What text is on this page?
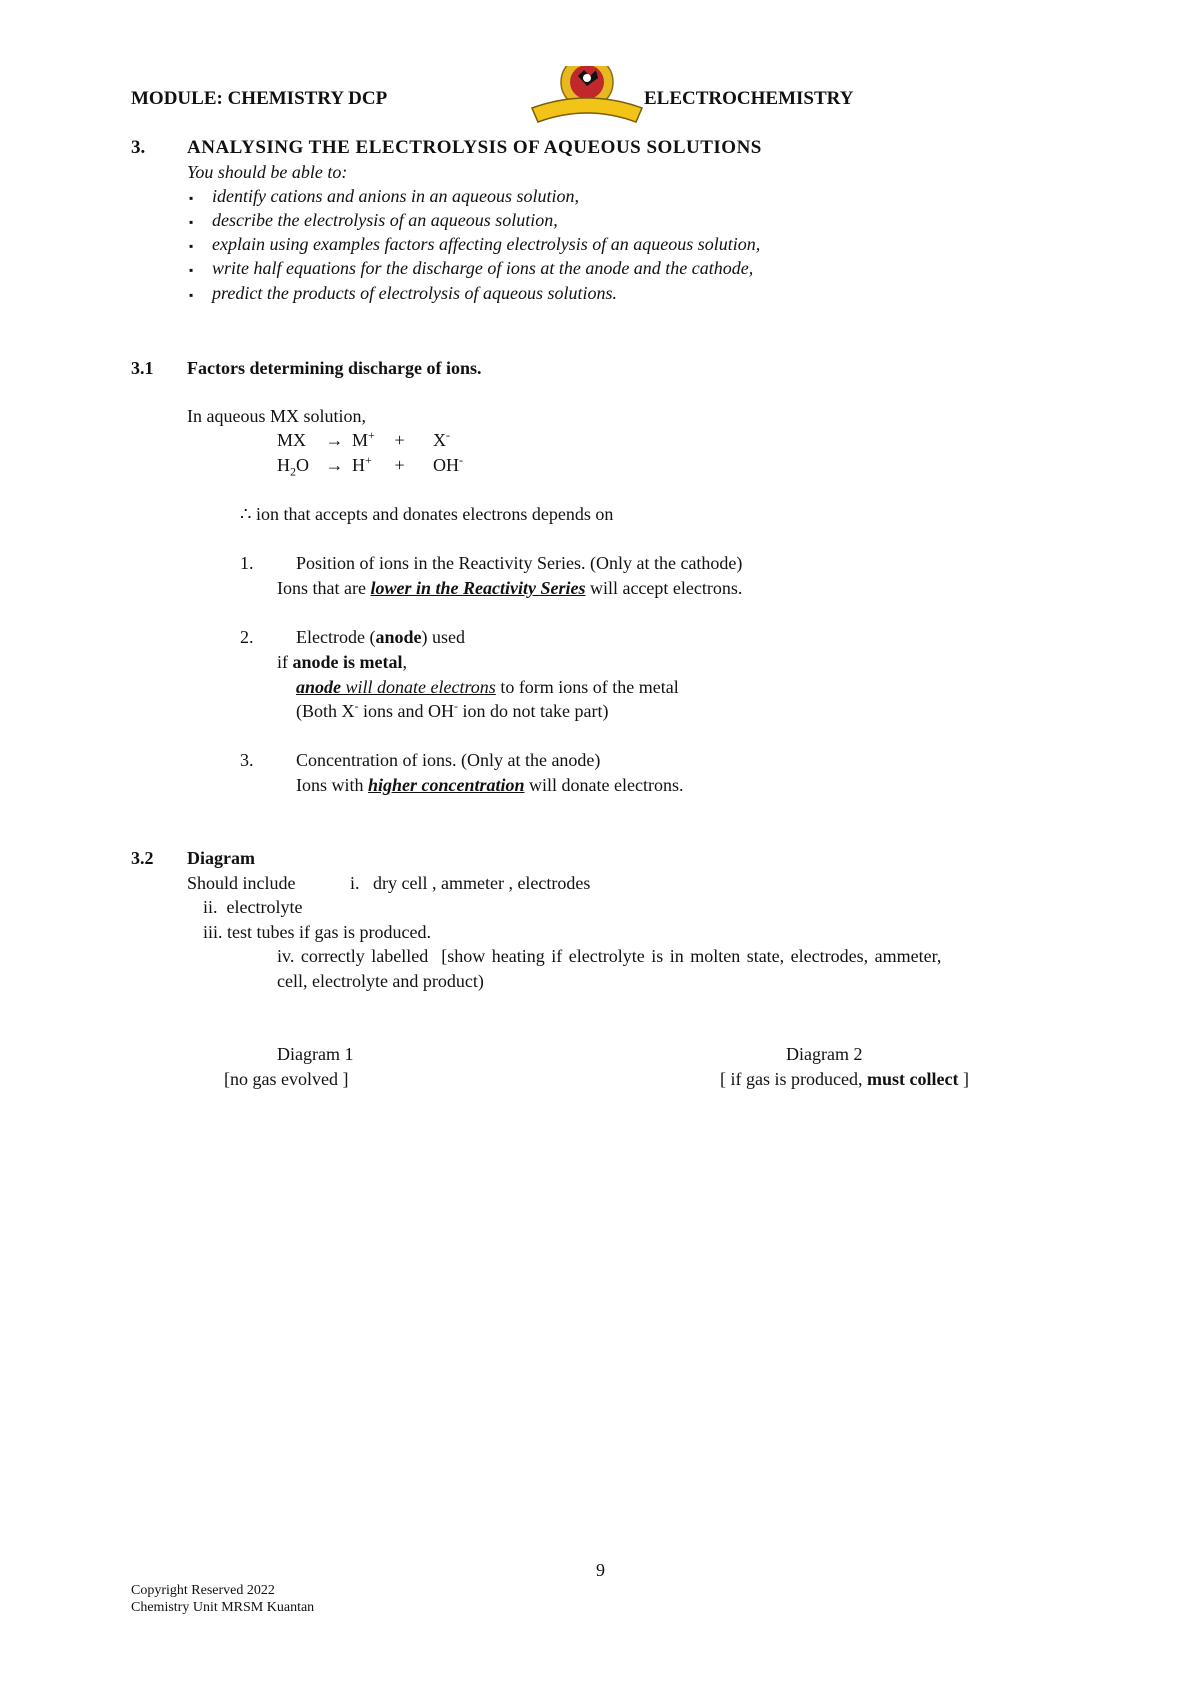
MODULE: CHEMISTRY DCP	ELECTROCHEMISTRY
3. ANALYSING THE ELECTROLYSIS OF AQUEOUS SOLUTIONS
You should be able to:
▪ identify cations and anions in an aqueous solution,
▪ describe the electrolysis of an aqueous solution,
▪ explain using examples factors affecting electrolysis of an aqueous solution,
▪ write half equations for the discharge of ions at the anode and the cathode,
▪ predict the products of electrolysis of aqueous solutions.
3.1 Factors determining discharge of ions.
In aqueous MX solution,
MX → M+ + X-
$H_2O \to H^+ + OH^-$
∴ ion that accepts and donates electrons depends on
1. Position of ions in the Reactivity Series. (Only at the cathode)
Ions that are lower in the Reactivity Series will accept electrons.
2. Electrode (anode) used
if anode is metal,
anode will donate electrons to form ions of the metal
(Both X- ions and OH- ion do not take part)
3. Concentration of ions. (Only at the anode)
Ions with higher concentration will donate electrons.
3.2 Diagram
Should include	i.   dry cell , ammeter , electrodes
ii.  electrolyte
iii. test tubes if gas is produced.
iv. correctly labelled  [show heating if electrolyte is in molten state, electrodes, ammeter,
cell, electrolyte and product)
Diagram 1
[no gas evolved ]
Diagram 2
[ if gas is produced, must collect ]
9
Copyright Reserved 2022
Chemistry Unit MRSM Kuantan
